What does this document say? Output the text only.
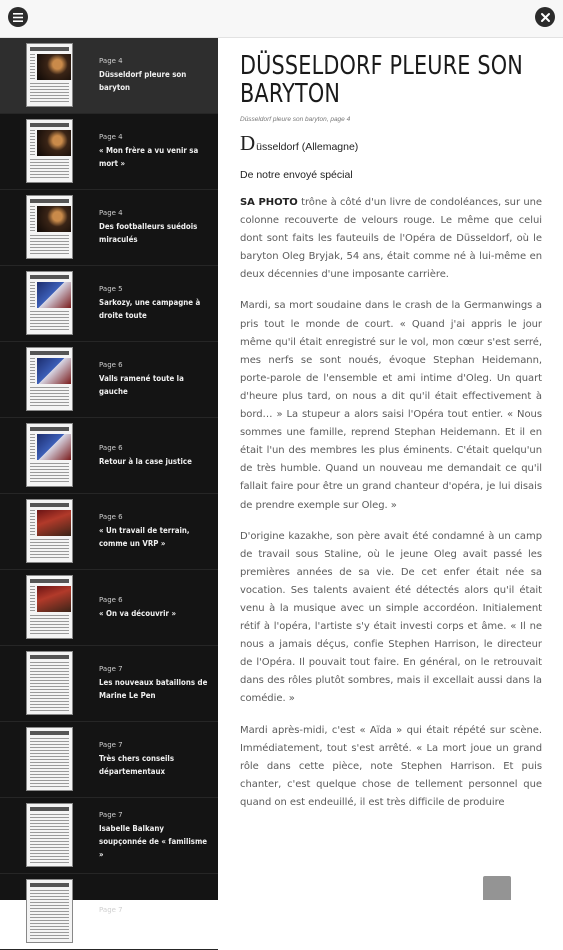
Page 4
Düsseldorf pleure son baryton
Page 4
« Mon frère a vu venir sa mort »
Page 4
Des footballeurs suédois miraculés
Page 5
Sarkozy, une campagne à droite toute
Page 6
Valls ramené toute la gauche
Page 6
Retour à la case justice
Page 6
« Un travail de terrain, comme un VRP »
Page 6
« On va découvrir »
Page 7
Les nouveaux bataillons de Marine Le Pen
Page 7
Très chers conseils départementaux
Page 7
Isabelle Balkany soupçonnée de « familisme »
Page 7
DÜSSELDORF PLEURE SON BARYTON
Düsseldorf pleure son baryton, page 4
Düsseldorf (Allemagne)
De notre envoyé spécial

SA PHOTO trône à côté d'un livre de condoléances, sur une colonne recouverte de velours rouge. Le même que celui dont sont faits les fauteuils de l'Opéra de Düsseldorf, où le baryton Oleg Bryjak, 54 ans, était comme né à lui-même en deux décennies d'une imposante carrière.

Mardi, sa mort soudaine dans le crash de la Germanwings a pris tout le monde de court. « Quand j'ai appris le jour même qu'il était enregistré sur le vol, mon cœur s'est serré, mes nerfs se sont noués, évoque Stephan Heidemann, porte-parole de l'ensemble et ami intime d'Oleg. Un quart d'heure plus tard, on nous a dit qu'il était effectivement à bord… » La stupeur a alors saisi l'Opéra tout entier. « Nous sommes une famille, reprend Stephan Heidemann. Et il en était l'un des membres les plus éminents. C'était quelqu'un de très humble. Quand un nouveau me demandait ce qu'il fallait faire pour être un grand chanteur d'opéra, je lui disais de prendre exemple sur Oleg. »

D'origine kazakhe, son père avait été condamné à un camp de travail sous Staline, où le jeune Oleg avait passé les premières années de sa vie. De cet enfer était née sa vocation. Ses talents avaient été détectés alors qu'il était venu à la musique avec un simple accordéon. Initialement rétif à l'opéra, l'artiste s'y était investi corps et âme. « Il ne nous a jamais déçus, confie Stephen Harrison, le directeur de l'Opéra. Il pouvait tout faire. En général, on le retrouvait dans des rôles plutôt sombres, mais il excellait aussi dans la comédie. »

Mardi après-midi, c'est « Aïda » qui était répété sur scène. Immédiatement, tout s'est arrêté. « La mort joue un grand rôle dans cette pièce, note Stephen Harrison. Et puis chanter, c'est quelque chose de tellement personnel que quand on est endeuillé, il est très difficile de produire
